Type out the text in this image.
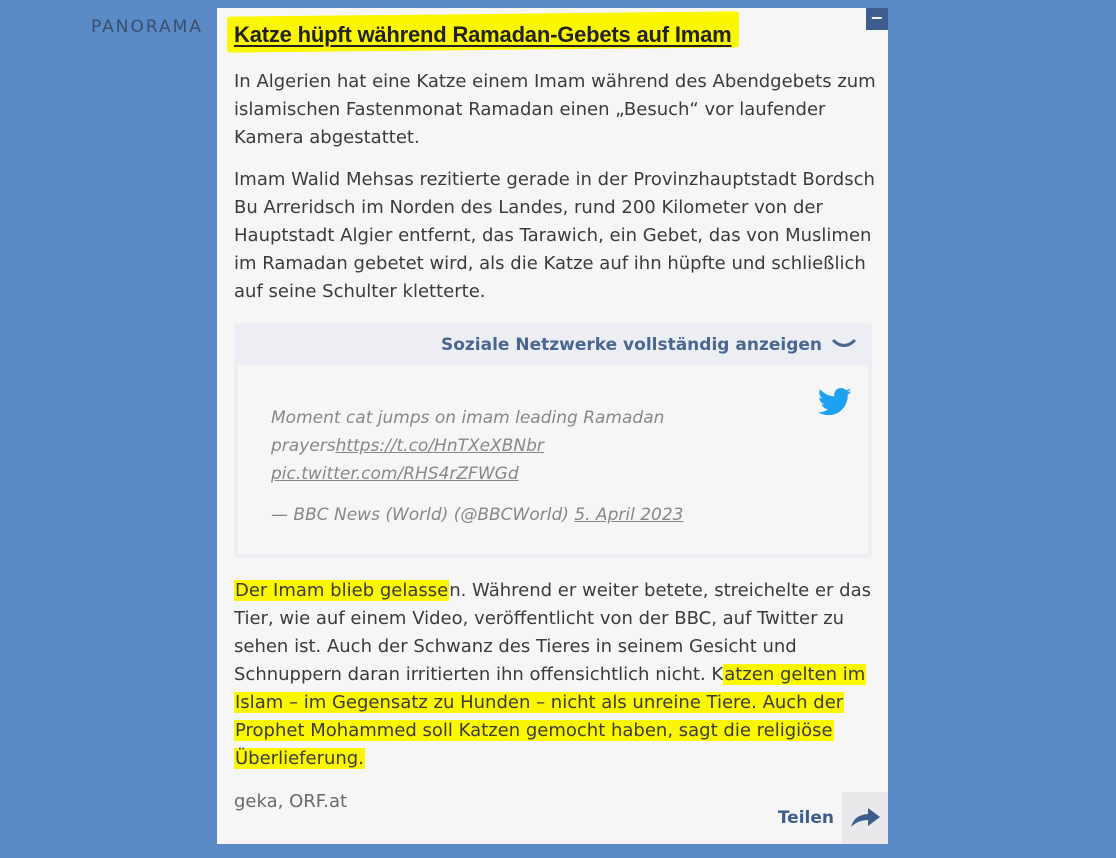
PANORAMA	−
Katze hüpft während Ramadan-Gebets auf Imam

In Algerien hat eine Katze einem Imam während des Abendgebets zum islamischen Fastenmonat Ramadan einen „Besuch“ vor laufender Kamera abgestattet.

Imam Walid Mehsas rezitierte gerade in der Provinzhauptstadt Bordsch Bu Arreridsch im Norden des Landes, rund 200 Kilometer von der Hauptstadt Algier entfernt, das Tarawich, ein Gebet, das von Muslimen im Ramadan gebetet wird, als die Katze auf ihn hüpfte und schließlich auf seine Schulter kletterte.

Soziale Netzwerke vollständig anzeigen

Moment cat jumps on imam leading Ramadan prayershttps://t.co/HnTXeXBNbr
pic.twitter.com/RHS4rZFWGd

— BBC News (World) (@BBCWorld) 5. April 2023

Der Imam blieb gelassen. Während er weiter betete, streichelte er das Tier, wie auf einem Video, veröffentlicht von der BBC, auf Twitter zu sehen ist. Auch der Schwanz des Tieres in seinem Gesicht und Schnuppern daran irritierten ihn offensichtlich nicht. Katzen gelten im Islam – im Gegensatz zu Hunden – nicht als unreine Tiere. Auch der Prophet Mohammed soll Katzen gemocht haben, sagt die religiöse Überlieferung.

geka, ORF.at
Teilen
